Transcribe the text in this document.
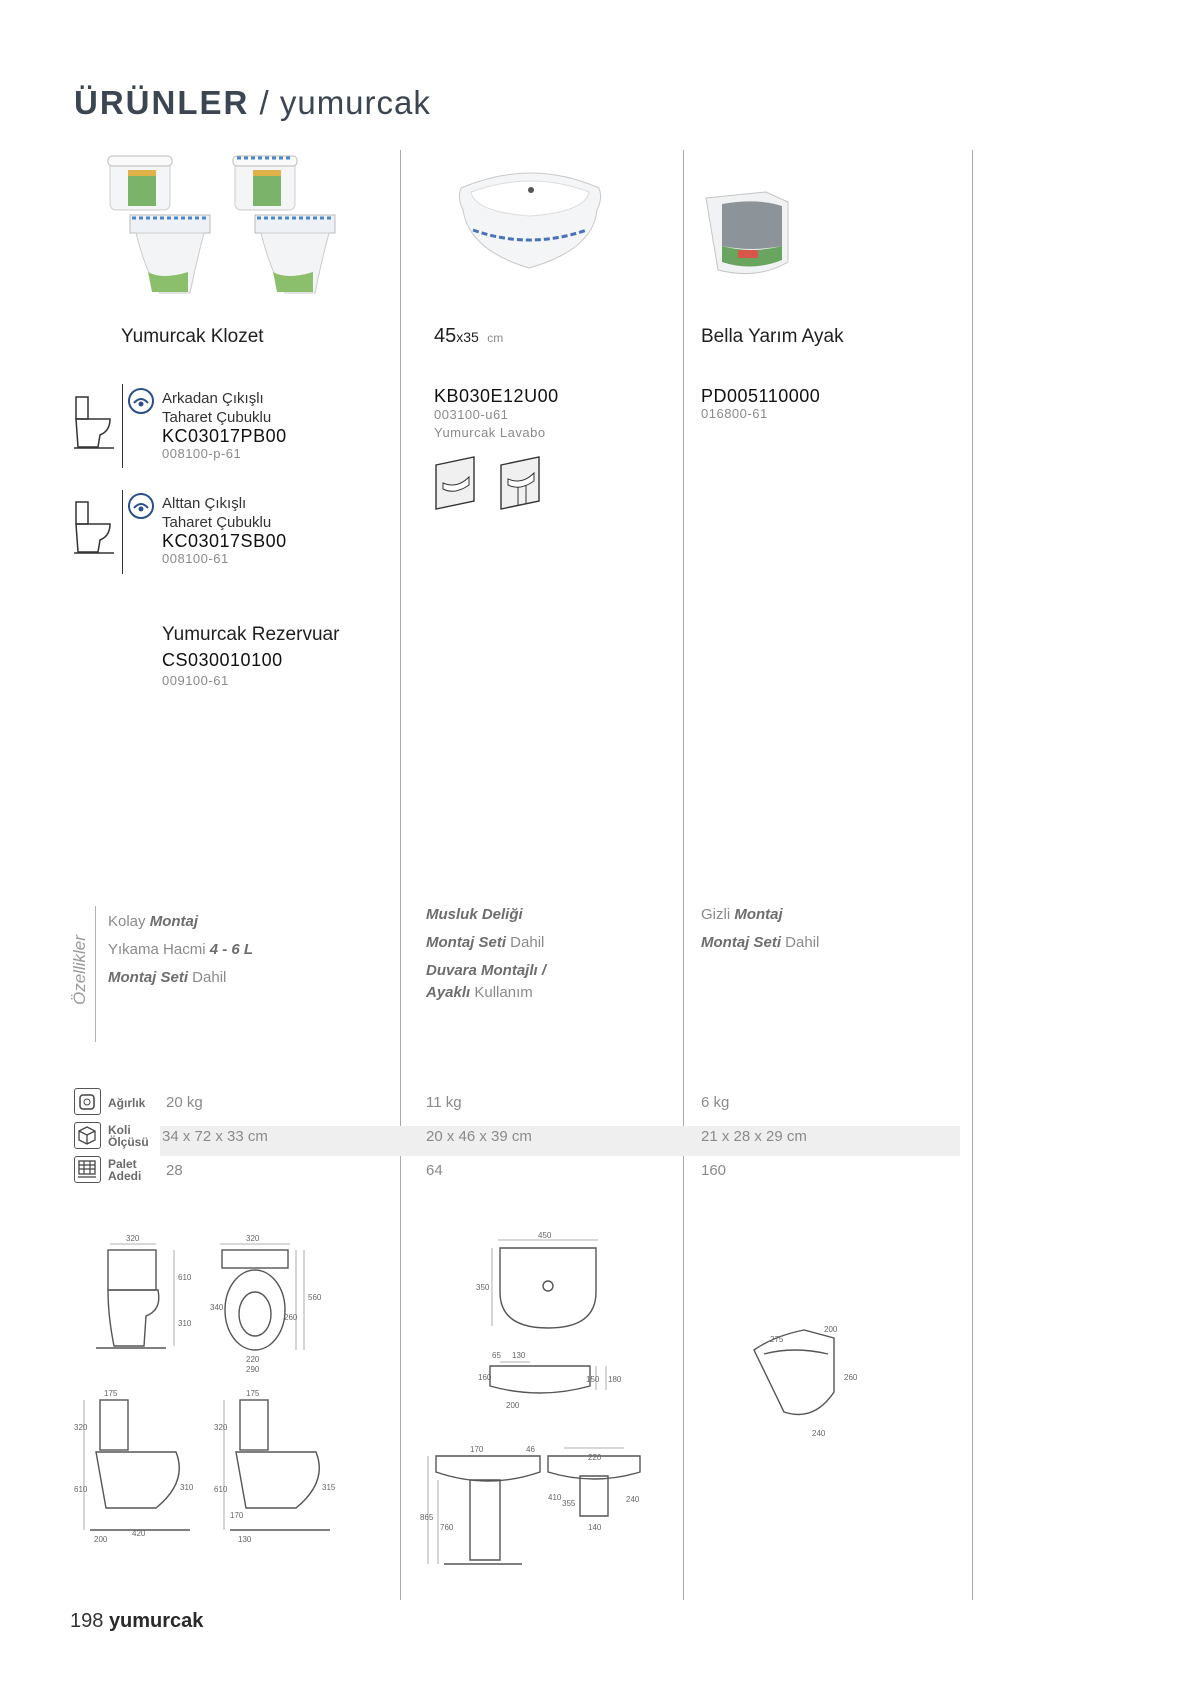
ÜRÜNLER / yumurcak
Yumurcak Klozet
Arkadan Çıkışlı
Taharet Çubuklu
KC03017PB00
008100-p-61
Alttan Çıkışlı
Taharet Çubuklu
KC03017SB00
008100-61
Yumurcak Rezervuar
CS030010100
009100-61
Özellikler
Kolay Montaj
Yıkama Hacmi 4 - 6 L
Montaj Seti Dahil
45x35 cm
KB030E12U00
003100-u61
Yumurcak Lavabo
Musluk Deliği
Montaj Seti Dahil
Duvara Montajlı /
Ayaklı Kullanım
Bella Yarım Ayak
PD005110000
016800-61
Gizli Montaj
Montaj Seti Dahil
Ağırlık 20 kg	11 kg	6 kg
Koli
Ölçüsü 34 x 72 x 33 cm	20 x 46 x 39 cm	21 x 28 x 29 cm
Palet
Adedi 28	64	160
320
610
310
320
340
260
560
220
290
175
320
610	310
200
420
175
320
610	315
170
130
450
350
65 130
160	150 180
200
170	46
865
760
220
410
355	240
140
275
200
260
240
198 yumurcak
